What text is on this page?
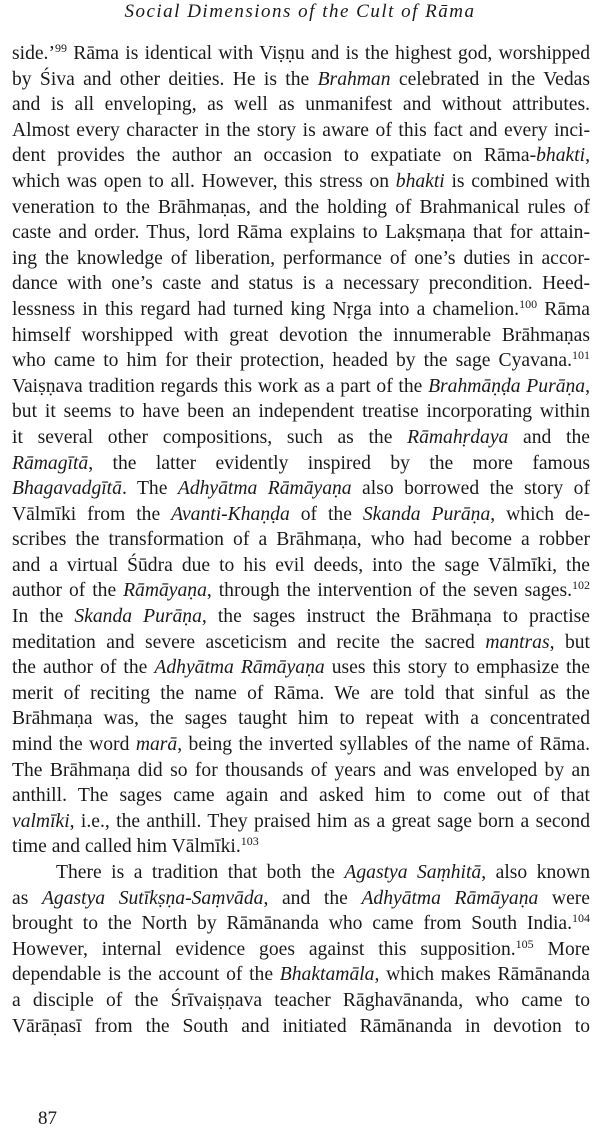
Social Dimensions of the Cult of Rāma
side.’$^{99}$ Rāma is identical with Viṣṇu and is the highest god, worshipped
by Śiva and other deities. He is the Brahman celebrated in the Vedas
and is all enveloping, as well as unmanifest and without attributes.
Almost every character in the story is aware of this fact and every inci-
dent provides the author an occasion to expatiate on Rāma-bhakti,
which was open to all. However, this stress on bhakti is combined with
veneration to the Brāhmaṇas, and the holding of Brahmanical rules of
caste and order. Thus, lord Rāma explains to Lakṣmaṇa that for attain-
ing the knowledge of liberation, performance of one’s duties in accor-
dance with one’s caste and status is a necessary precondition. Heed-
lessness in this regard had turned king Nṛga into a chamelion.$^{100}$ Rāma
himself worshipped with great devotion the innumerable Brāhmaṇas
who came to him for their protection, headed by the sage Cyavana.$^{101}$
Vaiṣṇava tradition regards this work as a part of the Brahmāṇḍa Purāṇa,
but it seems to have been an independent treatise incorporating within
it several other compositions, such as the Rāmahṛdaya and the
Rāmagītā, the latter evidently inspired by the more famous
Bhagavadgītā. The Adhyātma Rāmāyaṇa also borrowed the story of
Vālmīki from the Avanti-Khaṇḍa of the Skanda Purāṇa, which de-
scribes the transformation of a Brāhmaṇa, who had become a robber
and a virtual Śūdra due to his evil deeds, into the sage Vālmīki, the
author of the Rāmāyaṇa, through the intervention of the seven sages.$^{102}$
In the Skanda Purāṇa, the sages instruct the Brāhmaṇa to practise
meditation and severe asceticism and recite the sacred mantras, but
the author of the Adhyātma Rāmāyaṇa uses this story to emphasize the
merit of reciting the name of Rāma. We are told that sinful as the
Brāhmaṇa was, the sages taught him to repeat with a concentrated
mind the word marā, being the inverted syllables of the name of Rāma.
The Brāhmaṇa did so for thousands of years and was enveloped by an
anthill. The sages came again and asked him to come out of that
valmīki, i.e., the anthill. They praised him as a great sage born a second
time and called him Vālmīki.$^{103}$
There is a tradition that both the Agastya Saṃhitā, also known
as Agastya Sutīkṣṇa-Saṃvāda, and the Adhyātma Rāmāyaṇa were
brought to the North by Rāmānanda who came from South India.$^{104}$
However, internal evidence goes against this supposition.$^{105}$ More
dependable is the account of the Bhaktamāla, which makes Rāmānanda
a disciple of the Śrīvaiṣṇava teacher Rāghavānanda, who came to
Vārāṇasī from the South and initiated Rāmānanda in devotion to
87
